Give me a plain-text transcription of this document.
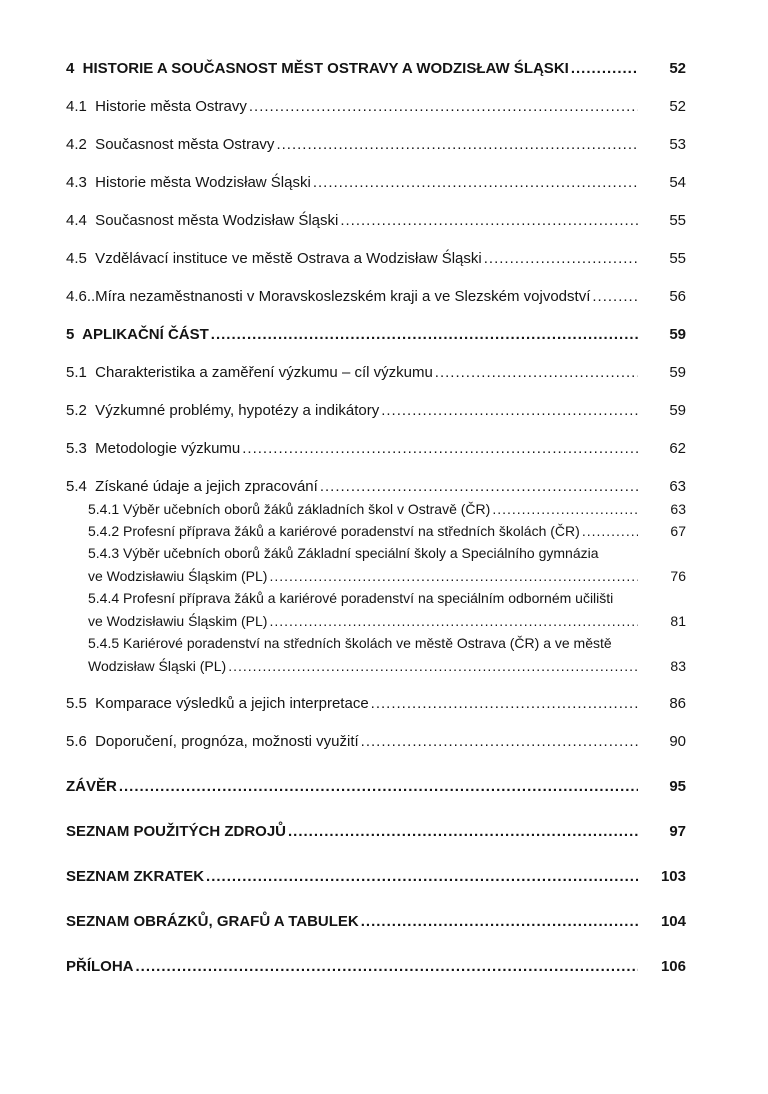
4  HISTORIE A SOUČASNOST MĚST OSTRAVY A WODZISŁAW ŚLĄSKI .....	52
4.1  Historie města Ostravy .....	52
4.2  Současnost města Ostravy .....	53
4.3  Historie města Wodzisław Śląski .....	54
4.4  Současnost města Wodzisław Śląski .....	55
4.5  Vzdělávací instituce ve městě Ostrava a Wodzisław Śląski .....	55
4.6..Míra nezaměstnanosti v Moravskoslezském kraji a ve Slezském vojvodství .....	56
5  APLIKAČNÍ ČÁST .....	59
5.1  Charakteristika a zaměření výzkumu – cíl výzkumu .....	59
5.2  Výzkumné problémy, hypotézy a indikátory .....	59
5.3  Metodologie výzkumu .....	62
5.4  Získané údaje a jejich zpracování .....	63
5.4.1 Výběr učebních oborů žáků základních škol v Ostravě (ČR) .....	63
5.4.2 Profesní příprava žáků a kariérové poradenství na středních školách (ČR) .....	67
5.4.3 Výběr učebních oborů žáků Základní speciální školy a Speciálního gymnázia
ve Wodzisławiu Śląskim (PL) .....	76
5.4.4 Profesní příprava žáků a kariérové poradenství na speciálním odborném učilišti
ve Wodzisławiu Śląskim (PL) .....	81
5.4.5 Kariérové poradenství na středních školách ve městě Ostrava (ČR) a ve městě
Wodzisław Śląski (PL) .....	83
5.5  Komparace výsledků a jejich interpretace .....	86
5.6  Doporučení, prognóza, možnosti využití .....	90
ZÁVĚR .....	95
SEZNAM POUŽITÝCH ZDROJŮ .....	97
SEZNAM ZKRATEK .....	103
SEZNAM OBRÁZKŮ, GRAFŮ A TABULEK .....	104
PŘÍLOHA .....	106
